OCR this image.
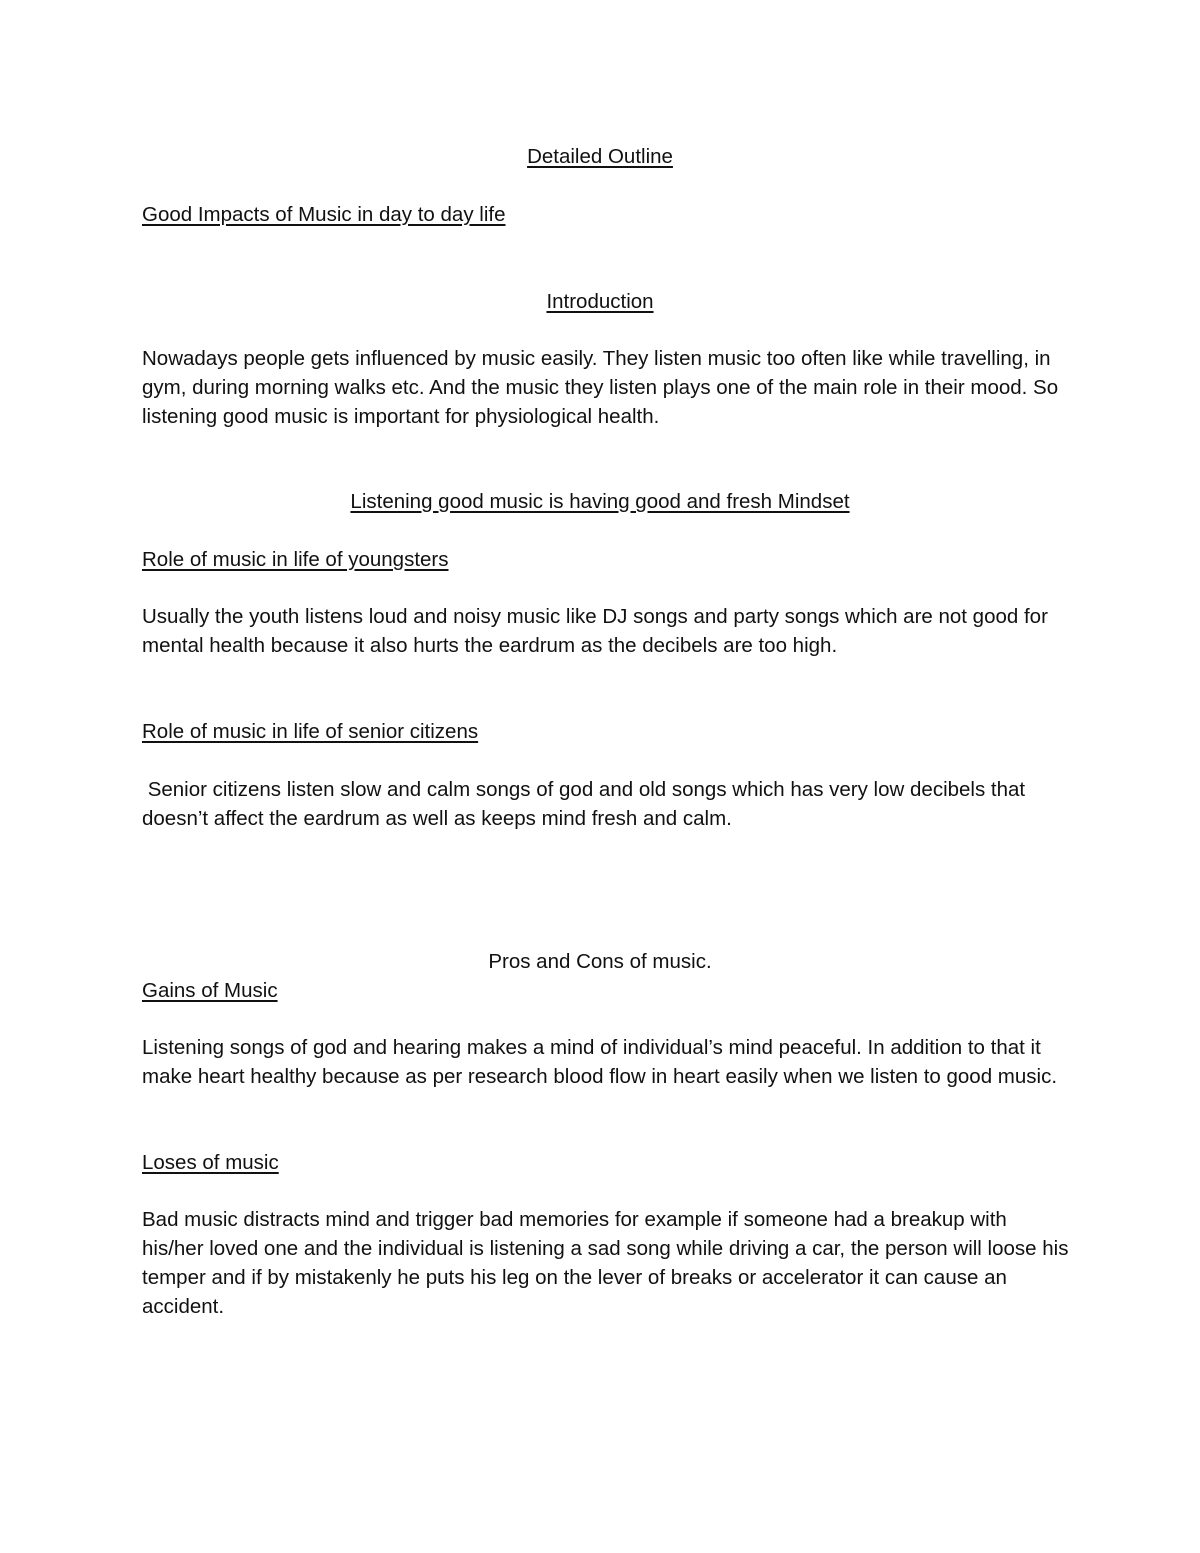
Detailed Outline

Good Impacts of Music in day to day life

Introduction

Nowadays people gets influenced by music easily. They listen music too often like while travelling, in gym, during morning walks etc. And the music they listen plays one of the main role in their mood. So listening good music is important for physiological health.

Listening good music is having good and fresh Mindset

Role of music in life of youngsters

Usually the youth listens loud and noisy music like DJ songs and party songs which are not good for mental health because it also hurts the eardrum as the decibels are too high.

Role of music in life of senior citizens

Senior citizens listen slow and calm songs of god and old songs which has very low decibels that doesn’t affect the eardrum as well as keeps mind fresh and calm.

Pros and Cons of music.

Gains of Music

Listening songs of god and hearing makes a mind of individual’s mind peaceful. In addition to that it make heart healthy because as per research blood flow in heart easily when we listen to good music.

Loses of music

Bad music distracts mind and trigger bad memories for example if someone had a breakup with his/her loved one and the individual is listening a sad song while driving a car, the person will loose his temper and if by mistakenly he puts his leg on the lever of breaks or accelerator it can cause an accident.
